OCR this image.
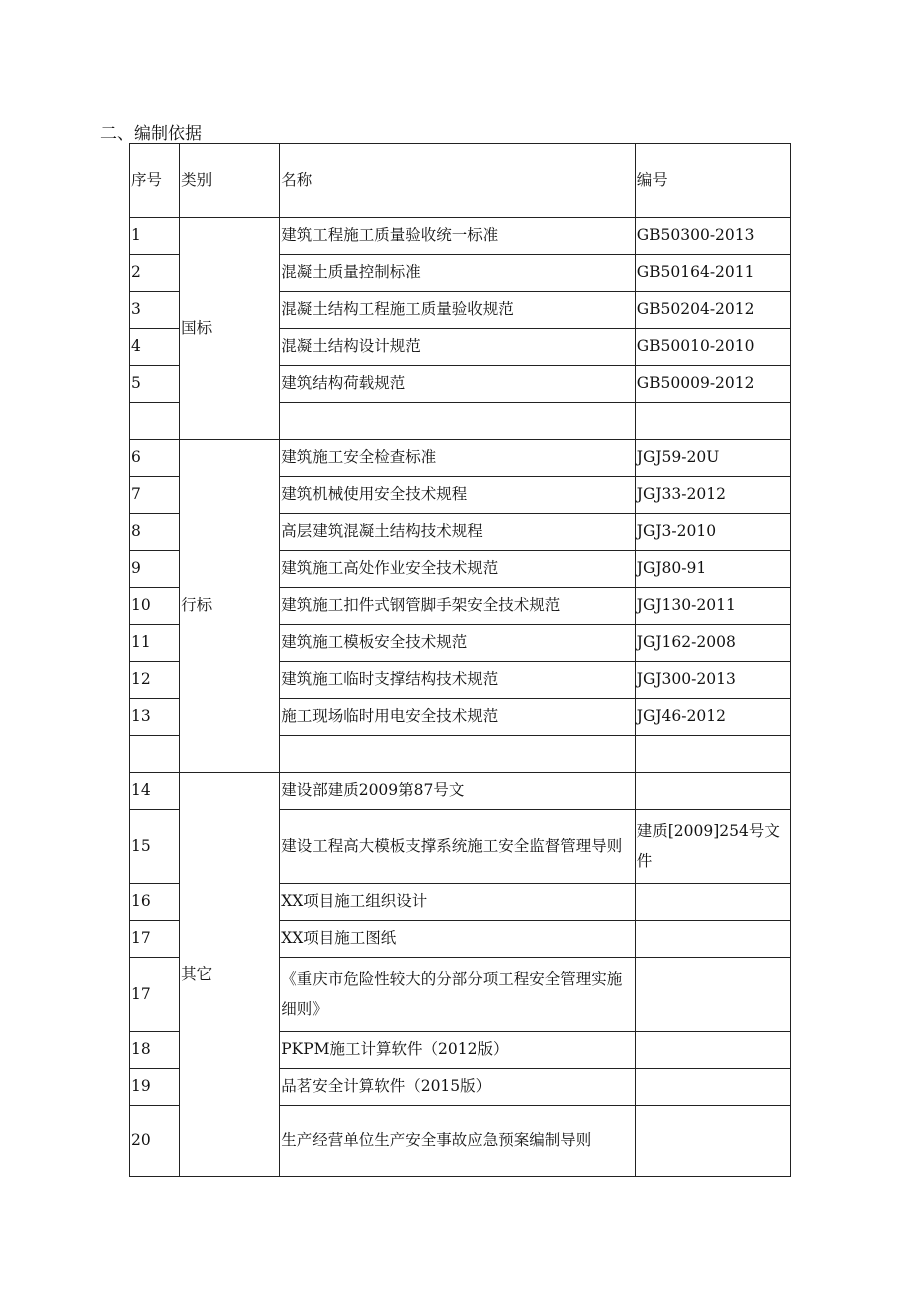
二、编制依据
序号	类别	名称	编号
1	国标	建筑工程施工质量验收统一标准	GB50300-2013
2		混凝土质量控制标准	GB50164-2011
3		混凝土结构工程施工质量验收规范	GB50204-2012
4		混凝土结构设计规范	GB50010-2010
5		建筑结构荷载规范	GB50009-2012

6	行标	建筑施工安全检查标准	JGJ59-20U
7		建筑机械使用安全技术规程	JGJ33-2012
8		高层建筑混凝土结构技术规程	JGJ3-2010
9		建筑施工高处作业安全技术规范	JGJ80-91
10		建筑施工扣件式钢管脚手架安全技术规范	JGJ130-2011
11		建筑施工模板安全技术规范	JGJ162-2008
12		建筑施工临时支撑结构技术规范	JGJ300-2013
13		施工现场临时用电安全技术规范	JGJ46-2012

14	其它	建设部建质2009第87号文	
15		建设工程高大模板支撑系统施工安全监督管理导则	建质[2009]254号文件
16		XX项目施工组织设计	
17		XX项目施工图纸	
17		《重庆市危险性较大的分部分项工程安全管理实施细则》	
18		PKPM施工计算软件（2012版）	
19		品茗安全计算软件（2015版）	
20		生产经营单位生产安全事故应急预案编制导则	
